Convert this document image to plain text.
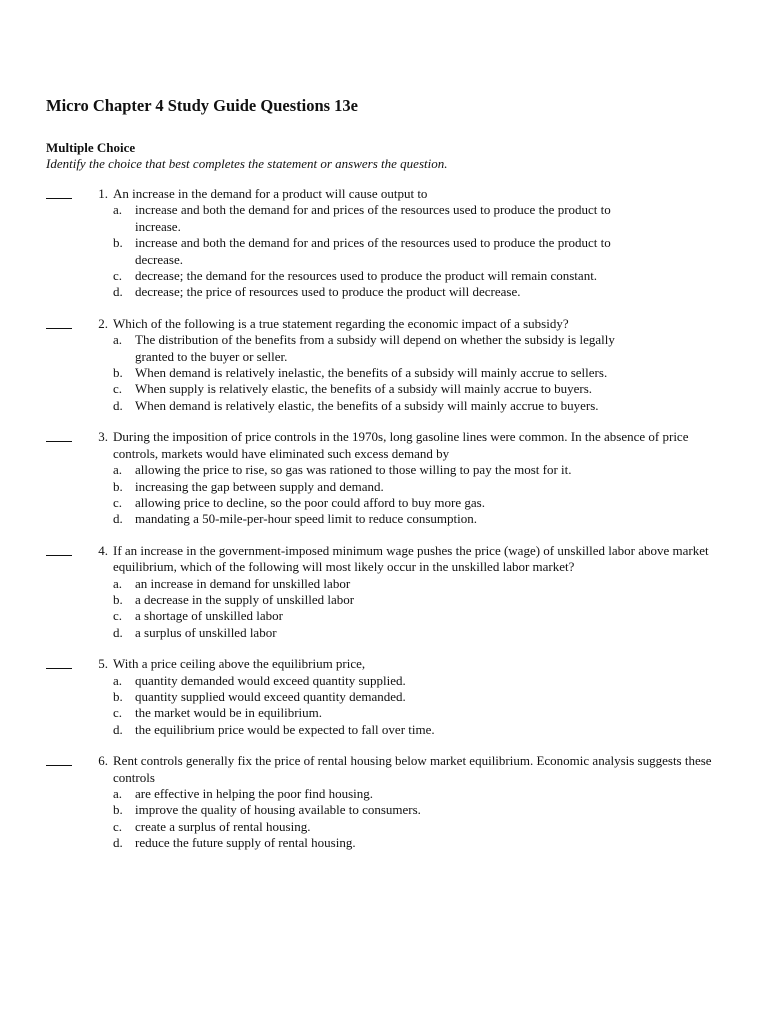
Micro Chapter 4 Study Guide Questions 13e
Multiple Choice
Identify the choice that best completes the statement or answers the question.
1. An increase in the demand for a product will cause output to
a. increase and both the demand for and prices of the resources used to produce the product to increase.
b. increase and both the demand for and prices of the resources used to produce the product to decrease.
c. decrease; the demand for the resources used to produce the product will remain constant.
d. decrease; the price of resources used to produce the product will decrease.
2. Which of the following is a true statement regarding the economic impact of a subsidy?
a. The distribution of the benefits from a subsidy will depend on whether the subsidy is legally granted to the buyer or seller.
b. When demand is relatively inelastic, the benefits of a subsidy will mainly accrue to sellers.
c. When supply is relatively elastic, the benefits of a subsidy will mainly accrue to buyers.
d. When demand is relatively elastic, the benefits of a subsidy will mainly accrue to buyers.
3. During the imposition of price controls in the 1970s, long gasoline lines were common. In the absence of price controls, markets would have eliminated such excess demand by
a. allowing the price to rise, so gas was rationed to those willing to pay the most for it.
b. increasing the gap between supply and demand.
c. allowing price to decline, so the poor could afford to buy more gas.
d. mandating a 50-mile-per-hour speed limit to reduce consumption.
4. If an increase in the government-imposed minimum wage pushes the price (wage) of unskilled labor above market equilibrium, which of the following will most likely occur in the unskilled labor market?
a. an increase in demand for unskilled labor
b. a decrease in the supply of unskilled labor
c. a shortage of unskilled labor
d. a surplus of unskilled labor
5. With a price ceiling above the equilibrium price,
a. quantity demanded would exceed quantity supplied.
b. quantity supplied would exceed quantity demanded.
c. the market would be in equilibrium.
d. the equilibrium price would be expected to fall over time.
6. Rent controls generally fix the price of rental housing below market equilibrium. Economic analysis suggests these controls
a. are effective in helping the poor find housing.
b. improve the quality of housing available to consumers.
c. create a surplus of rental housing.
d. reduce the future supply of rental housing.
